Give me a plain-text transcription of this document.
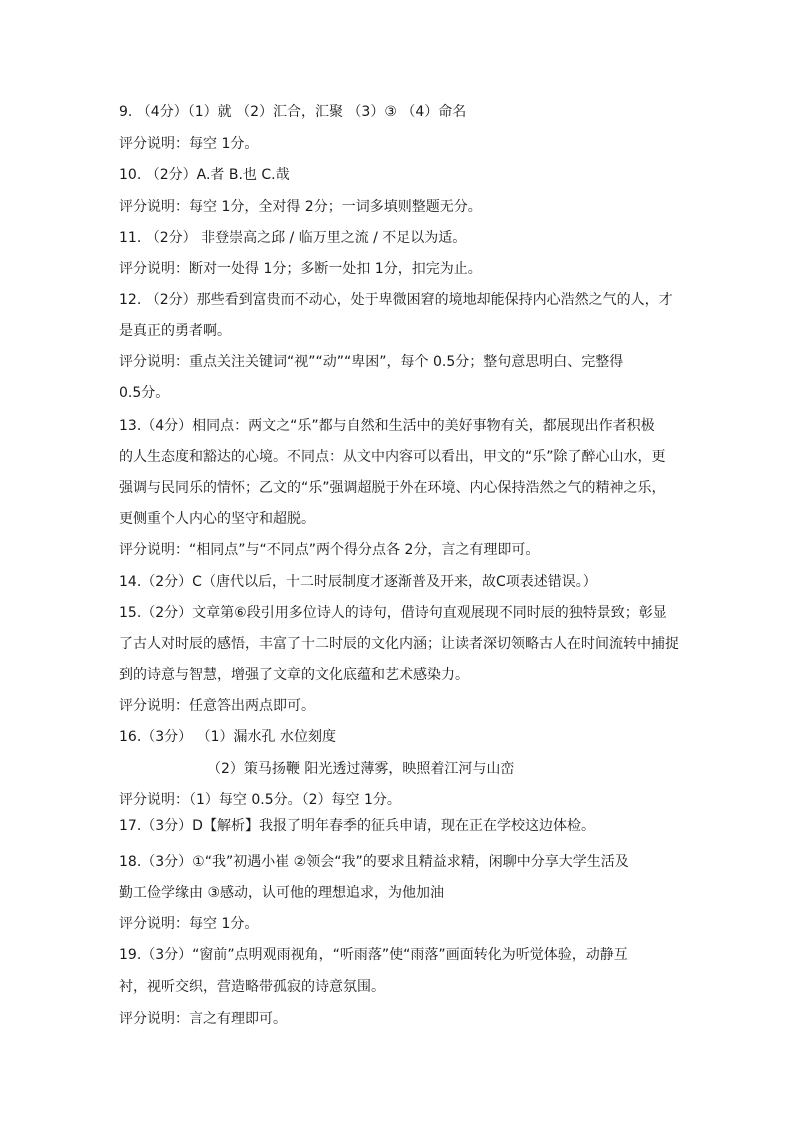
9. （4分）（1）就 （2）汇合，汇聚 （3）③ （4）命名
评分说明：每空 1分。
10. （2分）A.者 B.也 C.哉
评分说明：每空 1分，全对得 2分；一词多填则整题无分。
11. （2分） 非登崇高之邱 / 临万里之流 / 不足以为适。
评分说明：断对一处得 1分；多断一处扣 1分，扣完为止。
12. （2分）那些看到富贵而不动心，处于卑微困窘的境地却能保持内心浩然之气的人，才
是真正的勇者啊。
评分说明：重点关注关键词“视”“动”“卑困”，每个 0.5分；整句意思明白、完整得
0.5分。
13.（4分）相同点：两文之“乐”都与自然和生活中的美好事物有关，都展现出作者积极
的人生态度和豁达的心境。不同点：从文中内容可以看出，甲文的“乐”除了醉心山水，更
强调与民同乐的情怀；乙文的“乐”强调超脱于外在环境、内心保持浩然之气的精神之乐，
更侧重个人内心的坚守和超脱。
评分说明：“相同点”与“不同点”两个得分点各 2分，言之有理即可。
14.（2分）C（唐代以后，十二时辰制度才逐渐普及开来，故C项表述错误。）
15.（2分）文章第⑥段引用多位诗人的诗句，借诗句直观展现不同时辰的独特景致；彰显
了古人对时辰的感悟，丰富了十二时辰的文化内涵；让读者深切领略古人在时间流转中捕捉
到的诗意与智慧，增强了文章的文化底蕴和艺术感染力。
评分说明：任意答出两点即可。
16.（3分） （1）漏水孔 水位刻度
（2）策马扬鞭 阳光透过薄雾，映照着江河与山峦
评分说明：（1）每空 0.5分。（2）每空 1分。
17.（3分）D【解析】我报了明年春季的征兵申请，现在正在学校这边体检。
18.（3分）①“我”初遇小崔 ②领会“我”的要求且精益求精，闲聊中分享大学生活及
勤工俭学缘由 ③感动，认可他的理想追求，为他加油
评分说明：每空 1分。
19.（3分）“窗前”点明观雨视角，“听雨落”使“雨落”画面转化为听觉体验，动静互
衬，视听交织，营造略带孤寂的诗意氛围。
评分说明：言之有理即可。
